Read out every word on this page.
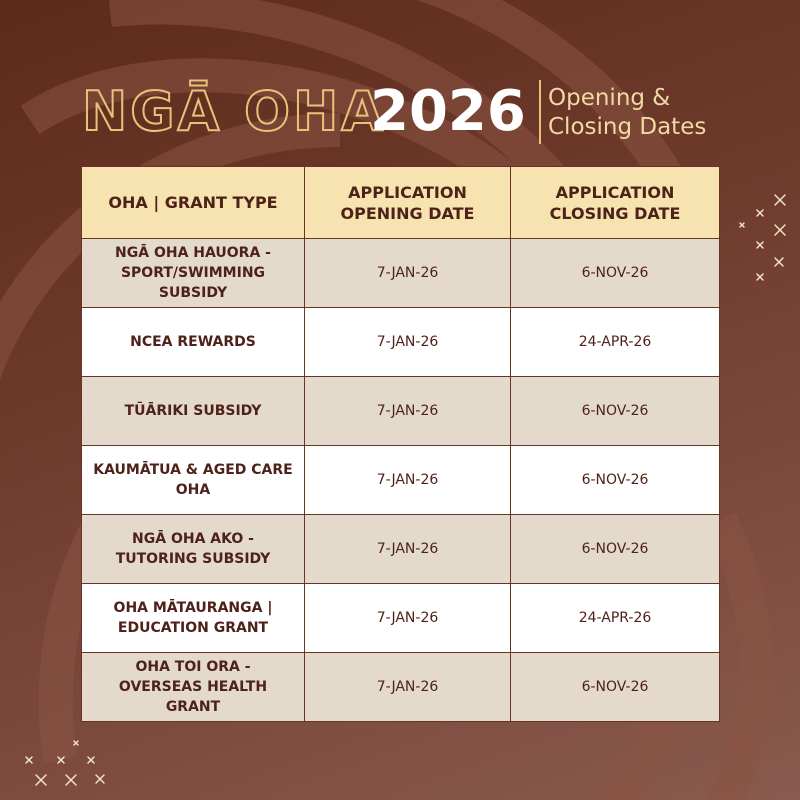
NGĀ OHA
2026 Opening &
Closing Dates
OHA | GRANT TYPE	APPLICATION OPENING DATE	APPLICATION CLOSING DATE
NGĀ OHA HAUORA - SPORT/SWIMMING SUBSIDY	7-JAN-26	6-NOV-26
NCEA REWARDS	7-JAN-26	24-APR-26
TŪĀRIKI SUBSIDY	7-JAN-26	6-NOV-26
KAUMĀTUA & AGED CARE OHA	7-JAN-26	6-NOV-26
NGĀ OHA AKO - TUTORING SUBSIDY	7-JAN-26	6-NOV-26
OHA MĀTAURANGA | EDUCATION GRANT	7-JAN-26	24-APR-26
OHA TOI ORA - OVERSEAS HEALTH GRANT	7-JAN-26	6-NOV-26
